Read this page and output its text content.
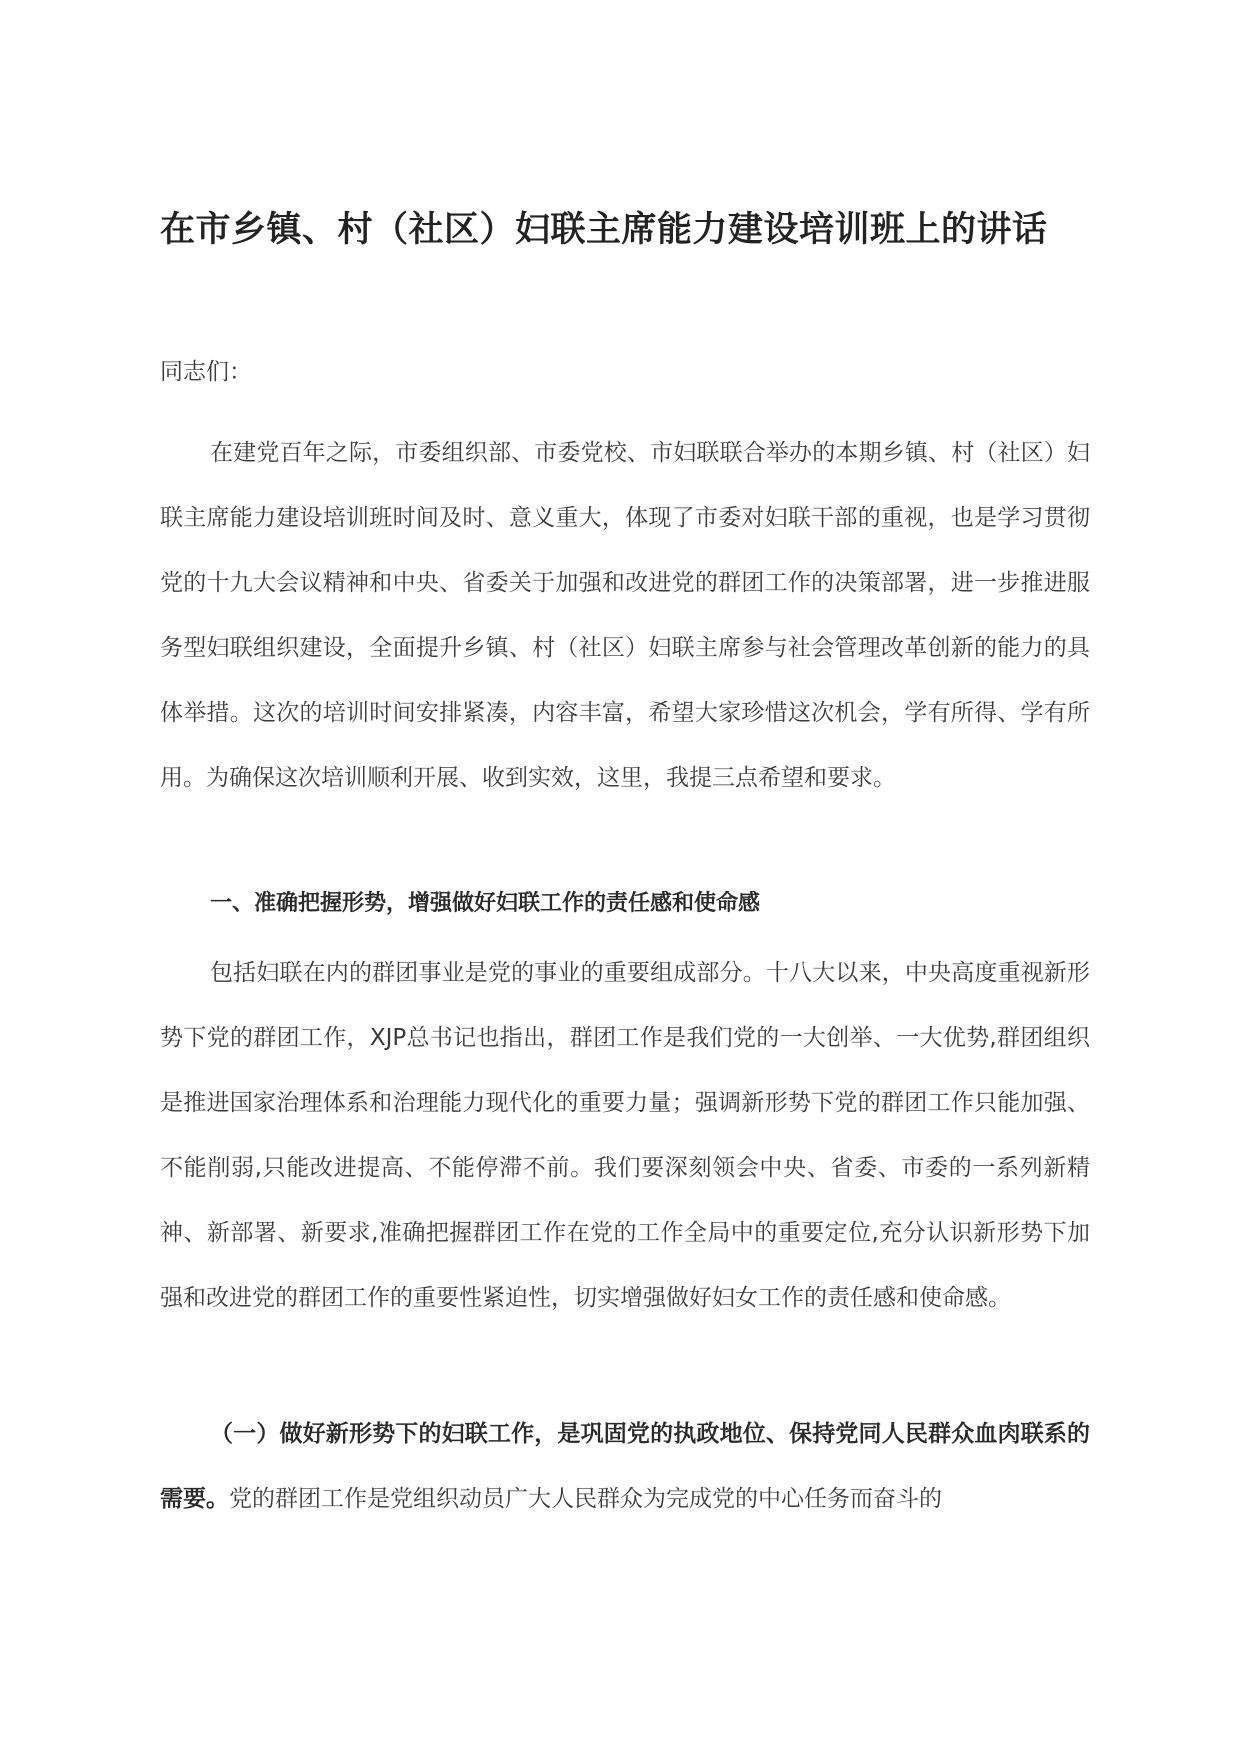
在市乡镇、村（社区）妇联主席能力建设培训班上的讲话

同志们：

在建党百年之际，市委组织部、市委党校、市妇联联合举办的本期乡镇、村（社区）妇联主席能力建设培训班时间及时、意义重大，体现了市委对妇联干部的重视，也是学习贯彻党的十九大会议精神和中央、省委关于加强和改进党的群团工作的决策部署，进一步推进服务型妇联组织建设，全面提升乡镇、村（社区）妇联主席参与社会管理改革创新的能力的具体举措。这次的培训时间安排紧凑，内容丰富，希望大家珍惜这次机会，学有所得、学有所用。为确保这次培训顺利开展、收到实效，这里，我提三点希望和要求。

一、准确把握形势，增强做好妇联工作的责任感和使命感

包括妇联在内的群团事业是党的事业的重要组成部分。十八大以来，中央高度重视新形势下党的群团工作，XJP总书记也指出，群团工作是我们党的一大创举、一大优势,群团组织是推进国家治理体系和治理能力现代化的重要力量；强调新形势下党的群团工作只能加强、不能削弱,只能改进提高、不能停滞不前。我们要深刻领会中央、省委、市委的一系列新精神、新部署、新要求,准确把握群团工作在党的工作全局中的重要定位,充分认识新形势下加强和改进党的群团工作的重要性紧迫性，切实增强做好妇女工作的责任感和使命感。

（一）做好新形势下的妇联工作，是巩固党的执政地位、保持党同人民群众血肉联系的需要。党的群团工作是党组织动员广大人民群众为完成党的中心任务而奋斗的
